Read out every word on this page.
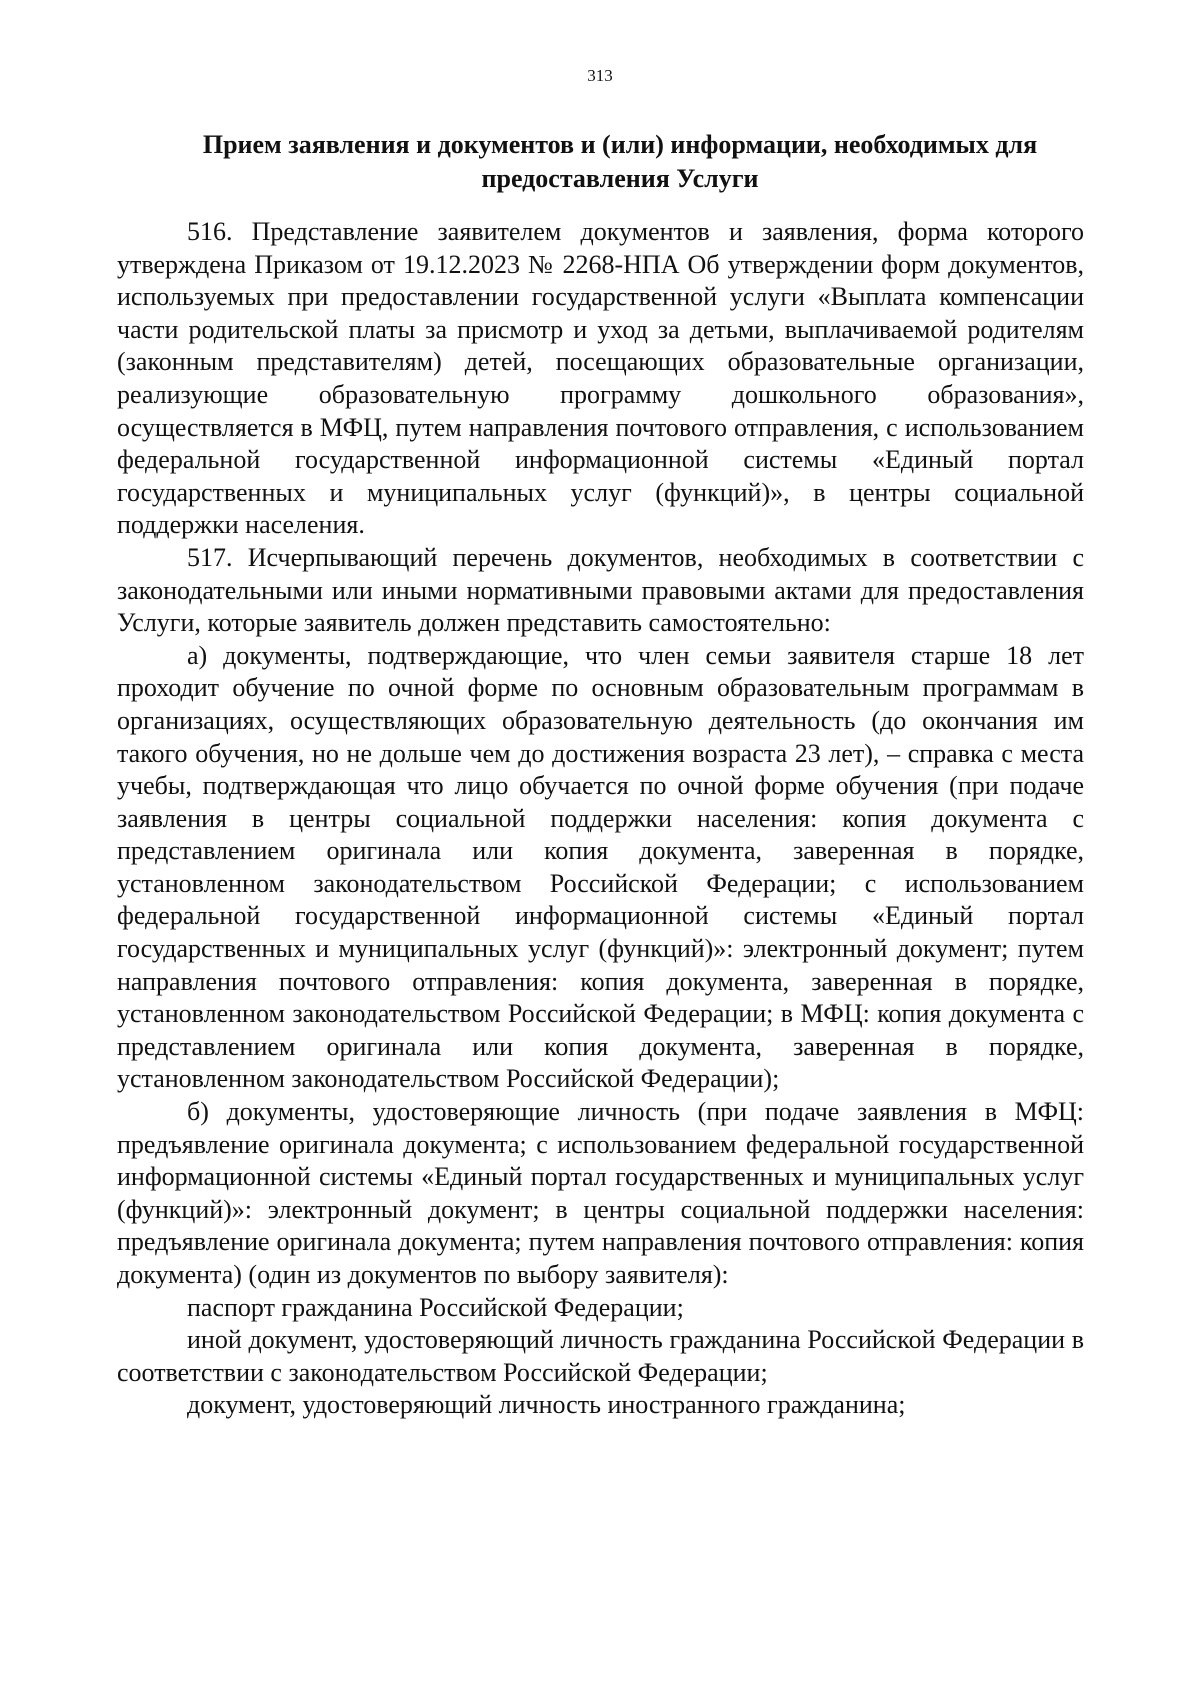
313
Прием заявления и документов и (или) информации, необходимых для предоставления Услуги

516. Представление заявителем документов и заявления, форма которого утверждена Приказом от 19.12.2023 № 2268-НПА Об утверждении форм документов, используемых при предоставлении государственной услуги «Выплата компенсации части родительской платы за присмотр и уход за детьми, выплачиваемой родителям (законным представителям) детей, посещающих образовательные организации, реализующие образовательную программу дошкольного образования», осуществляется в МФЦ, путем направления почтового отправления, с использованием федеральной государственной информационной системы «Единый портал государственных и муниципальных услуг (функций)», в центры социальной поддержки населения.

517. Исчерпывающий перечень документов, необходимых в соответствии с законодательными или иными нормативными правовыми актами для предоставления Услуги, которые заявитель должен представить самостоятельно:

а) документы, подтверждающие, что член семьи заявителя старше 18 лет проходит обучение по очной форме по основным образовательным программам в организациях, осуществляющих образовательную деятельность (до окончания им такого обучения, но не дольше чем до достижения возраста 23 лет), – справка с места учебы, подтверждающая что лицо обучается по очной форме обучения (при подаче заявления в центры социальной поддержки населения: копия документа с представлением оригинала или копия документа, заверенная в порядке, установленном законодательством Российской Федерации; с использованием федеральной государственной информационной системы «Единый портал государственных и муниципальных услуг (функций)»: электронный документ; путем направления почтового отправления: копия документа, заверенная в порядке, установленном законодательством Российской Федерации; в МФЦ: копия документа с представлением оригинала или копия документа, заверенная в порядке, установленном законодательством Российской Федерации);

б) документы, удостоверяющие личность (при подаче заявления в МФЦ: предъявление оригинала документа; с использованием федеральной государственной информационной системы «Единый портал государственных и муниципальных услуг (функций)»: электронный документ; в центры социальной поддержки населения: предъявление оригинала документа; путем направления почтового отправления: копия документа) (один из документов по выбору заявителя):

паспорт гражданина Российской Федерации;

иной документ, удостоверяющий личность гражданина Российской Федерации в соответствии с законодательством Российской Федерации;

документ, удостоверяющий личность иностранного гражданина;
